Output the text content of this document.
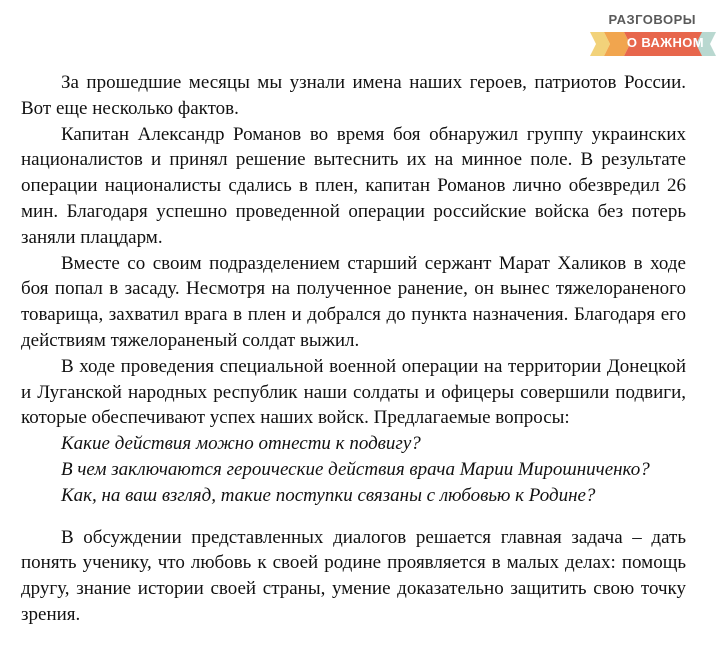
РАЗГОВОРЫ
О ВАЖНОМ

За прошедшие месяцы мы узнали имена наших героев, патриотов России. Вот еще несколько фактов.

Капитан Александр Романов во время боя обнаружил группу украинских националистов и принял решение вытеснить их на минное поле. В результате операции националисты сдались в плен, капитан Романов лично обезвредил 26 мин. Благодаря успешно проведенной операции российские войска без потерь заняли плацдарм.

Вместе со своим подразделением старший сержант Марат Халиков в ходе боя попал в засаду. Несмотря на полученное ранение, он вынес тяжелораненого товарища, захватил врага в плен и добрался до пункта назначения. Благодаря его действиям тяжелораненый солдат выжил.

В ходе проведения специальной военной операции на территории Донецкой и Луганской народных республик наши солдаты и офицеры совершили подвиги, которые обеспечивают успех наших войск. Предлагаемые вопросы:

Какие действия можно отнести к подвигу?
В чем заключаются героические действия врача Марии Мирошниченко?
Как, на ваш взгляд, такие поступки связаны с любовью к Родине?

В обсуждении представленных диалогов решается главная задача – дать понять ученику, что любовь к своей родине проявляется в малых делах: помощь другу, знание истории своей страны, умение доказательно защитить свою точку зрения.
